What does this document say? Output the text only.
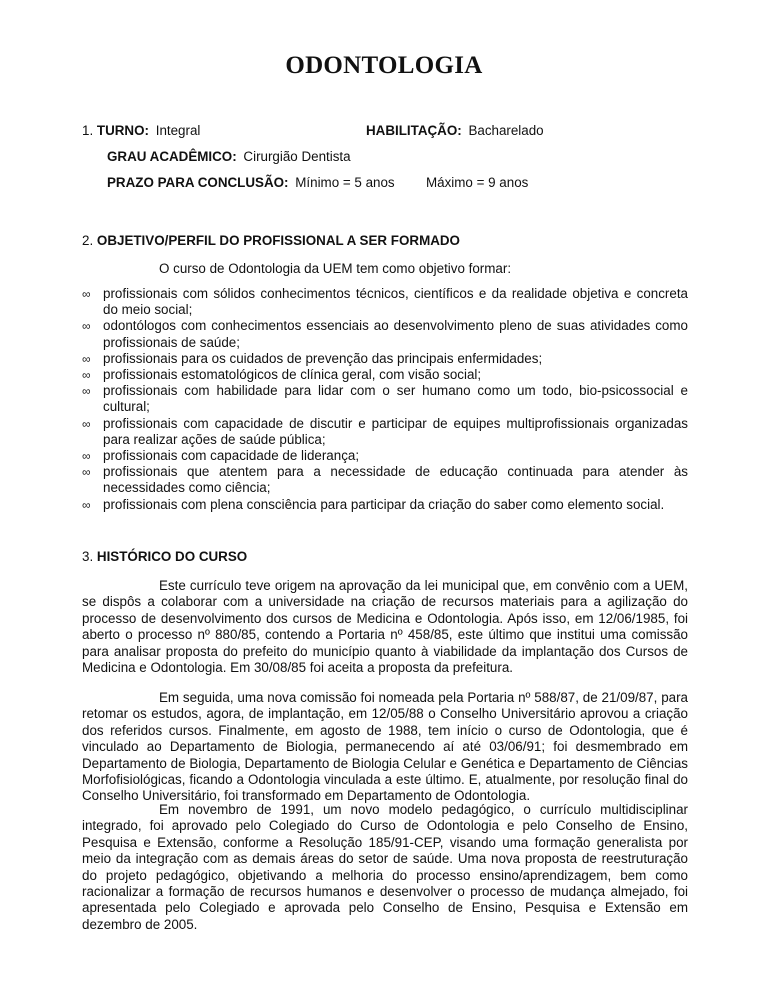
ODONTOLOGIA
1. TURNO: Integral	HABILITAÇÃO: Bacharelado
GRAU ACADÊMICO: Cirurgião Dentista
PRAZO PARA CONCLUSÃO: Mínimo = 5 anos Máximo = 9 anos
2. OBJETIVO/PERFIL DO PROFISSIONAL A SER FORMADO
O curso de Odontologia da UEM tem como objetivo formar:
∞ profissionais com sólidos conhecimentos técnicos, científicos e da realidade objetiva e concreta do meio social;
∞ odontólogos com conhecimentos essenciais ao desenvolvimento pleno de suas atividades como profissionais de saúde;
∞ profissionais para os cuidados de prevenção das principais enfermidades;
∞ profissionais estomatológicos de clínica geral, com visão social;
∞ profissionais com habilidade para lidar com o ser humano como um todo, bio-psicossocial e cultural;
∞ profissionais com capacidade de discutir e participar de equipes multiprofissionais organizadas para realizar ações de saúde pública;
∞ profissionais com capacidade de liderança;
∞ profissionais que atentem para a necessidade de educação continuada para atender às necessidades como ciência;
∞ profissionais com plena consciência para participar da criação do saber como elemento social.
3. HISTÓRICO DO CURSO

Este currículo teve origem na aprovação da lei municipal que, em convênio com a UEM, se dispôs a colaborar com a universidade na criação de recursos materiais para a agilização do processo de desenvolvimento dos cursos de Medicina e Odontologia. Após isso, em 12/06/1985, foi aberto o processo nº 880/85, contendo a Portaria nº 458/85, este último que institui uma comissão para analisar proposta do prefeito do município quanto à viabilidade da implantação dos Cursos de Medicina e Odontologia. Em 30/08/85 foi aceita a proposta da prefeitura.

Em seguida, uma nova comissão foi nomeada pela Portaria nº 588/87, de 21/09/87, para retomar os estudos, agora, de implantação, em 12/05/88 o Conselho Universitário aprovou a criação dos referidos cursos. Finalmente, em agosto de 1988, tem início o curso de Odontologia, que é vinculado ao Departamento de Biologia, permanecendo aí até 03/06/91; foi desmembrado em Departamento de Biologia, Departamento de Biologia Celular e Genética e Departamento de Ciências Morfofisiológicas, ficando a Odontologia vinculada a este último. E, atualmente, por resolução final do Conselho Universitário, foi transformado em Departamento de Odontologia.

Em novembro de 1991, um novo modelo pedagógico, o currículo multidisciplinar integrado, foi aprovado pelo Colegiado do Curso de Odontologia e pelo Conselho de Ensino, Pesquisa e Extensão, conforme a Resolução 185/91-CEP, visando uma formação generalista por meio da integração com as demais áreas do setor de saúde. Uma nova proposta de reestruturação do projeto pedagógico, objetivando a melhoria do processo ensino/aprendizagem, bem como racionalizar a formação de recursos humanos e desenvolver o processo de mudança almejado, foi apresentada pelo Colegiado e aprovada pelo Conselho de Ensino, Pesquisa e Extensão em dezembro de 2005.
